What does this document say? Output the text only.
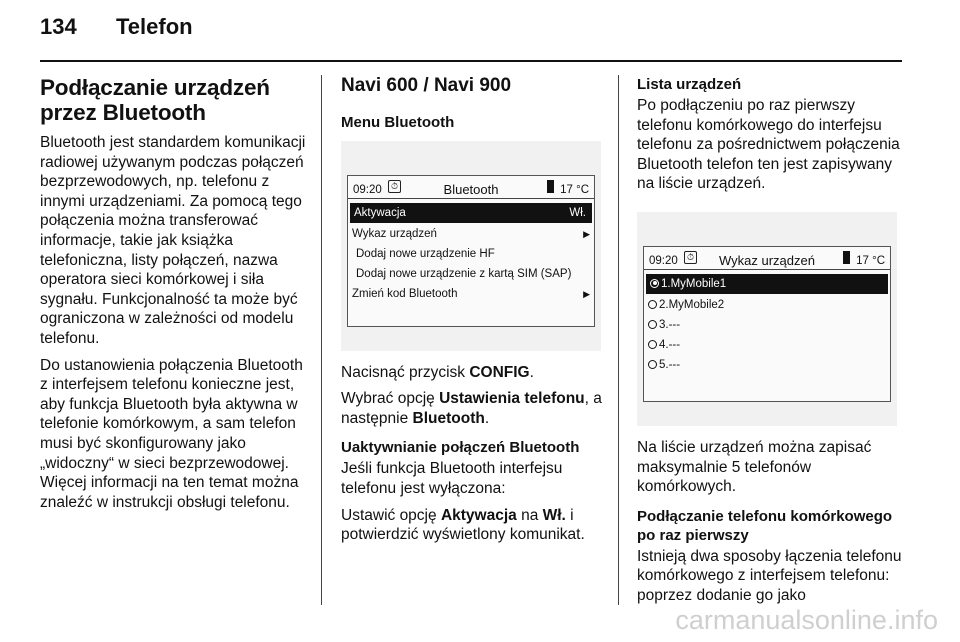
134 Telefon
Podłączanie urządzeń przez Bluetooth

Bluetooth jest standardem komunikacji radiowej używanym podczas połączeń bezprzewodowych, np. telefonu z innymi urządzeniami. Za pomocą tego połączenia można transferować informacje, takie jak książka telefoniczna, listy połączeń, nazwa operatora sieci komórkowej i siła sygnału. Funkcjonalność ta może być ograniczona w zależności od modelu telefonu.

Do ustanowienia połączenia Bluetooth z interfejsem telefonu konieczne jest, aby funkcja Bluetooth była aktywna w telefonie komórkowym, a sam telefon musi być skonfigurowany jako „widoczny“ w sieci bezprzewodowej. Więcej informacji na ten temat można znaleźć w instrukcji obsługi telefonu.

Navi 600 / Navi 900
Menu Bluetooth
09:20	⏱	Bluetooth	17 °C
Aktywacja	Wł.
Wykaz urządzeń	▶
Dodaj nowe urządzenie HF
Dodaj nowe urządzenie z kartą SIM (SAP)
Zmień kod Bluetooth	▶

Nacisnąć przycisk CONFIG.

Wybrać opcję Ustawienia telefonu, a następnie Bluetooth.

Uaktywnianie połączeń Bluetooth

Jeśli funkcja Bluetooth interfejsu telefonu jest wyłączona:

Ustawić opcję Aktywacja na Wł. i potwierdzić wyświetlony komunikat.

Lista urządzeń

Po podłączeniu po raz pierwszy telefonu komórkowego do interfejsu telefonu za pośrednictwem połączenia Bluetooth telefon ten jest zapisywany na liście urządzeń.

09:20	⏱	Wykaz urządzeń	17 °C
1.MyMobile1
2.MyMobile2
3.---
4.---
5.---

Na liście urządzeń można zapisać maksymalnie 5 telefonów komórkowych.

Podłączanie telefonu komórkowego po raz pierwszy

Istnieją dwa sposoby łączenia telefonu komórkowego z interfejsem telefonu: poprzez dodanie go jako

carmanualsonline.info
